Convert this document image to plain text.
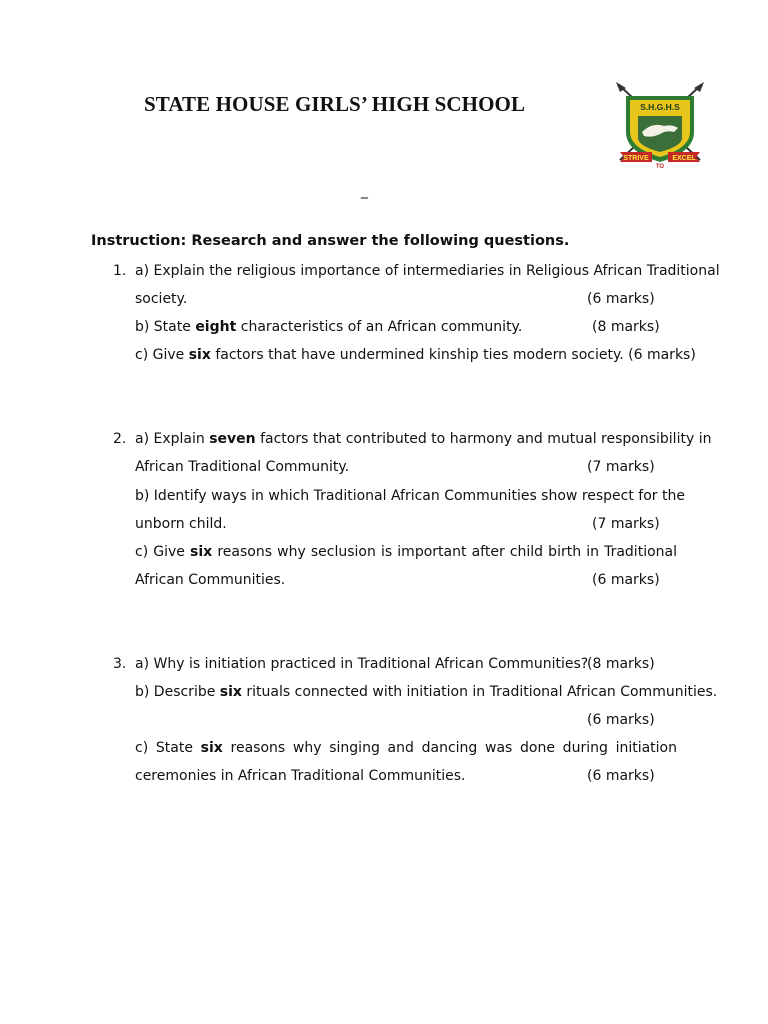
STATE HOUSE GIRLS’ HIGH SCHOOL	S.H.G.H.S
STRIVE	EXCEL
TO
_
Instruction: Research and answer the following questions.
1. a) Explain the religious importance of intermediaries in Religious African Traditional
society.	(6 marks)
b) State eight characteristics of an African community.	(8 marks)
c) Give six factors that have undermined kinship ties modern society. (6 marks)
2. a) Explain seven factors that contributed to harmony and mutual responsibility in
African Traditional Community.	(7 marks)
b) Identify ways in which Traditional African Communities show respect for the
unborn child.	(7 marks)
c) Give six reasons why seclusion is important after child birth in Traditional
African Communities.	(6 marks)
3. a) Why is initiation practiced in Traditional African Communities?
(8 marks)
b) Describe six rituals connected with initiation in Traditional African Communities.
(6 marks)
c) State six reasons why singing and dancing was done during initiation
ceremonies in African Traditional Communities.	(6 marks)
